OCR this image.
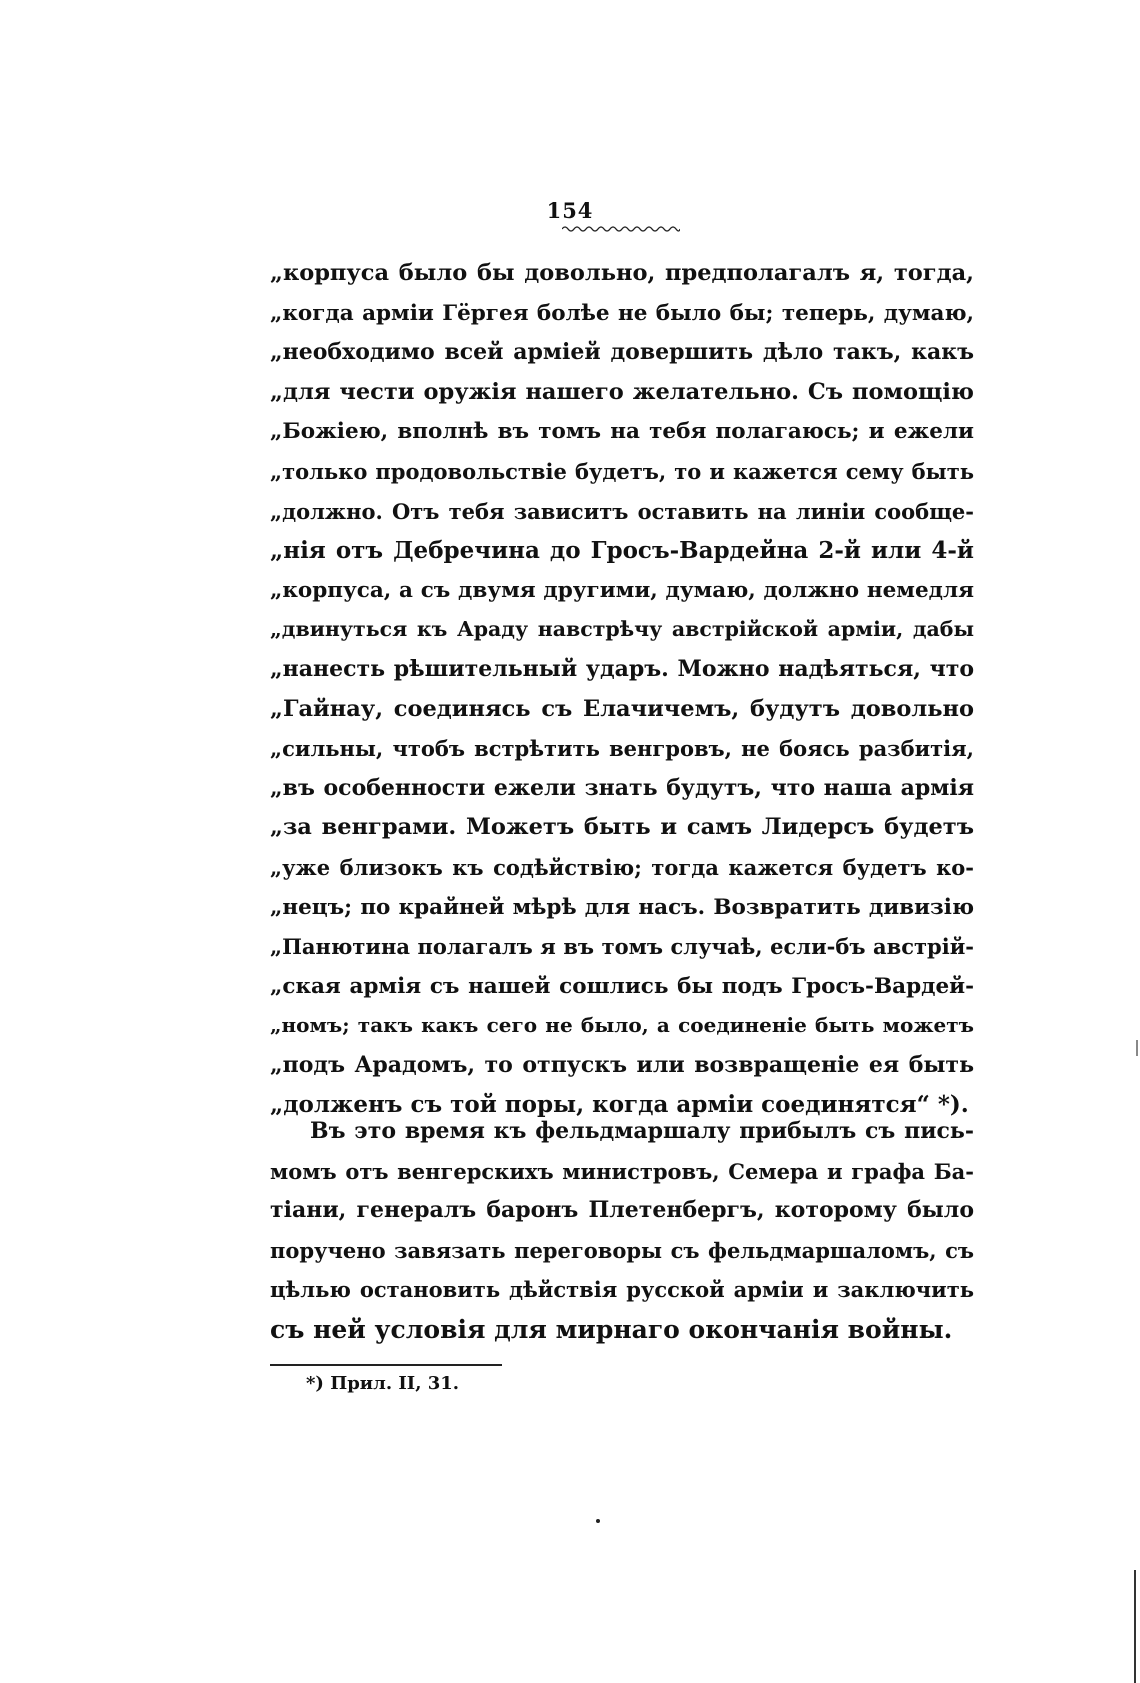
154
„корпуса было бы довольно, предполагалъ я, тогда,
„когда арміи Гёргея болѣе не было бы; теперь, думаю,
„необходимо всей арміей довершить дѣло такъ, какъ
„для чести оружія нашего желательно. Съ помощію
„Божіею, вполнѣ въ томъ на тебя полагаюсь; и ежели
„только продовольствіе будетъ, то и кажется сему быть
„должно. Отъ тебя зависитъ оставить на линіи сообще-
„нія отъ Дебречина до Гросъ-Вардейна 2-й или 4-й
„корпуса, а съ двумя другими, думаю, должно немедля
„двинуться къ Араду навстрѣчу австрійской арміи, дабы
„нанесть рѣшительный ударъ. Можно надѣяться, что
„Гайнау, соединясь съ Елачичемъ, будутъ довольно
„сильны, чтобъ встрѣтить венгровъ, не боясь разбитія,
„въ особенности ежели знать будутъ, что наша армія
„за венграми. Можетъ быть и самъ Лидерсъ будетъ
„уже близокъ къ содѣйствію; тогда кажется будетъ ко-
„нецъ; по крайней мѣрѣ для насъ. Возвратить дивизію
„Панютина полагалъ я въ томъ случаѣ, если-бъ австрій-
„ская армія съ нашей сошлись бы подъ Гросъ-Вардей-
„номъ; такъ какъ сего не было, а соединеніе быть можетъ
„подъ Арадомъ, то отпускъ или возвращеніе ея быть
„долженъ съ той поры, когда арміи соединятся“ *).
Въ это время къ фельдмаршалу прибылъ съ пись-
момъ отъ венгерскихъ министровъ, Семера и графа Ба-
тіани, генералъ баронъ Плетенбергъ, которому было
поручено завязать переговоры съ фельдмаршаломъ, съ
цѣлью остановить дѣйствія русской арміи и заключить
съ ней условія для мирнаго окончанія войны.
*) Прил. II, 31.
